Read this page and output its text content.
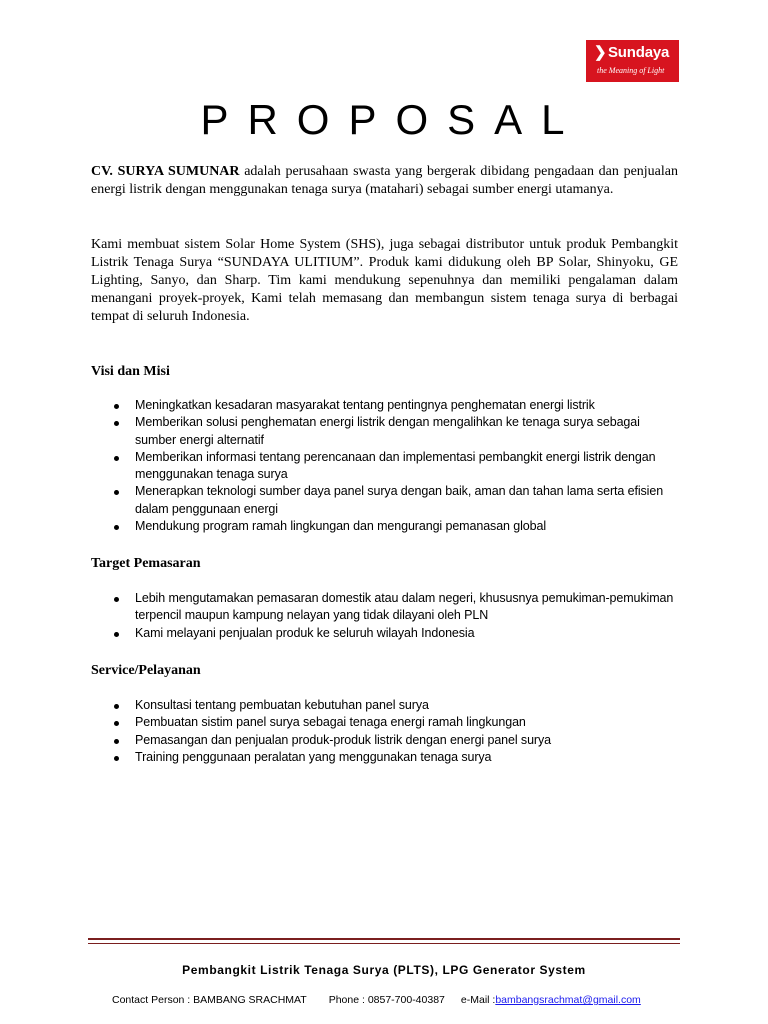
❯ Sundaya
the Meaning of Light
PROPOSAL

CV. SURYA SUMUNAR adalah perusahaan swasta yang bergerak dibidang pengadaan dan penjualan energi listrik dengan menggunakan tenaga surya (matahari) sebagai sumber energi utamanya.

Kami membuat sistem Solar Home System (SHS), juga sebagai distributor untuk produk Pembangkit Listrik Tenaga Surya “SUNDAYA ULITIUM”. Produk kami didukung oleh BP Solar, Shinyoku, GE Lighting, Sanyo, dan Sharp. Tim kami mendukung sepenuhnya dan memiliki pengalaman dalam menangani proyek-proyek, Kami telah memasang dan membangun sistem tenaga surya di berbagai tempat di seluruh Indonesia.

Visi dan Misi
Meningkatkan kesadaran masyarakat tentang pentingnya penghematan energi listrik
Memberikan solusi penghematan energi listrik dengan mengalihkan ke tenaga surya sebagai sumber energi alternatif
Memberikan informasi tentang perencanaan dan implementasi pembangkit energi listrik dengan menggunakan tenaga surya
Menerapkan teknologi sumber daya panel surya dengan baik, aman dan tahan lama serta efisien dalam penggunaan energi
Mendukung program ramah lingkungan dan mengurangi pemanasan global
Target Pemasaran
Lebih mengutamakan pemasaran domestik atau dalam negeri, khususnya pemukiman-pemukiman terpencil maupun kampung nelayan yang tidak dilayani oleh PLN
Kami melayani penjualan produk ke seluruh wilayah Indonesia
Service/Pelayanan
Konsultasi tentang pembuatan kebutuhan panel surya
Pembuatan sistim panel surya sebagai tenaga energi ramah lingkungan
Pemasangan dan penjualan produk-produk listrik dengan energi panel surya
Training penggunaan peralatan yang menggunakan tenaga surya
Pembangkit Listrik Tenaga Surya (PLTS), LPG Generator System
Contact Person : BAMBANG SRACHMAT Phone : 0857-700-40387 e-Mail :bambangsrachmat@gmail.com
